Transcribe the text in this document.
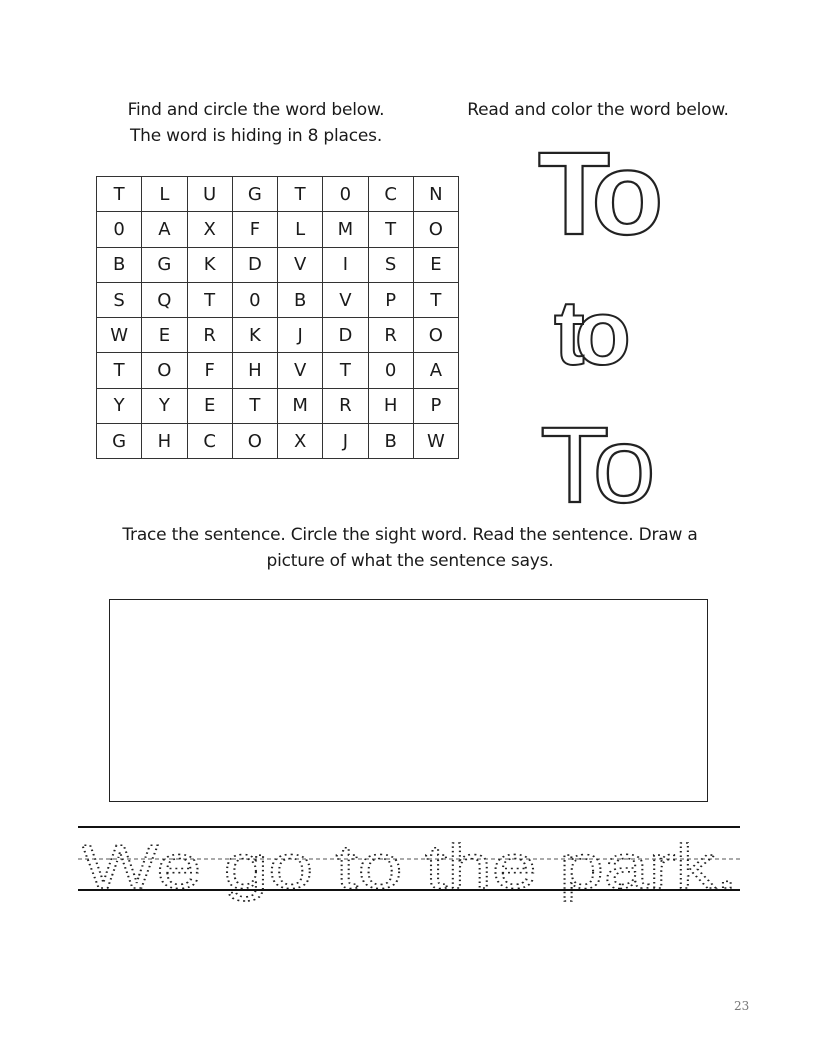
Find and circle the word below.
The word is hiding in 8 places.
Read and color the word below.
T	L	U	G	T	0	C	N
0	A	X	F	L	M	T	O
B	G	K	D	V	I	S	E
S	Q	T	0	B	V	P	T
W	E	R	K	J	D	R	O
T	O	F	H	V	T	0	A
Y	Y	E	T	M	R	H	P
G	H	C	O	X	J	B	W
To
to
To
Trace the sentence. Circle the sight word. Read the sentence. Draw a
picture of what the sentence says.
We go to the park.
23
